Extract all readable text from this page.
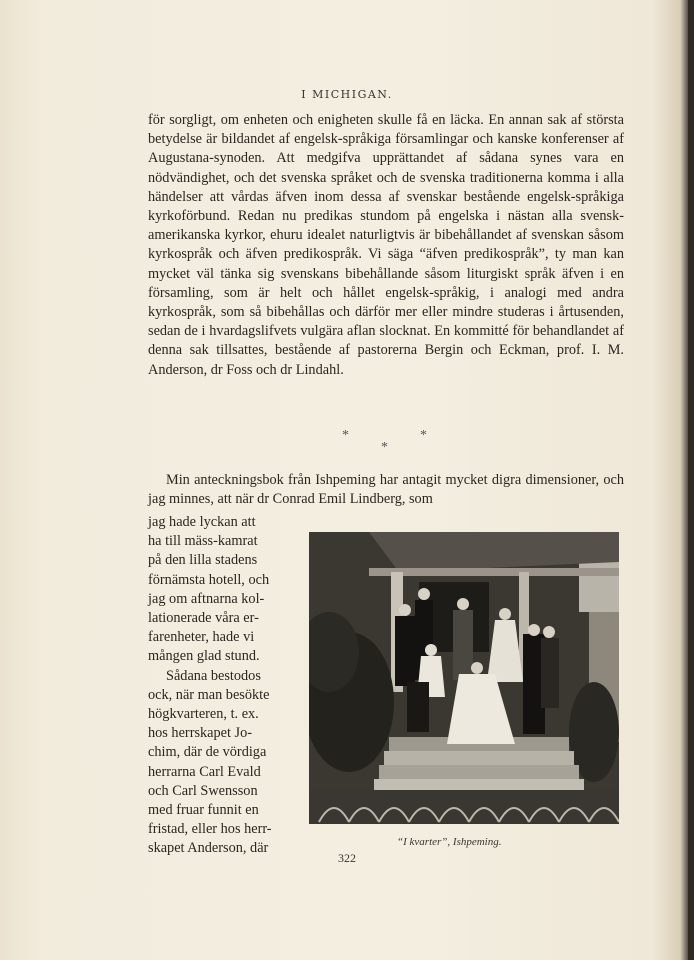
I MICHIGAN.

för sorgligt, om enheten och enigheten skulle få en läcka. En annan sak af största betydelse är bildandet af engelsk-språkiga församlingar och kanske konferenser af Augustana-synoden. Att medgifva upprättandet af sådana synes vara en nödvändighet, och det svenska språket och de svenska traditionerna komma i alla händelser att vårdas äfven inom dessa af svenskar bestående engelsk-språkiga kyrkoförbund. Redan nu predikas stundom på engelska i nästan alla svensk-amerikanska kyrkor, ehuru idealet naturligtvis är bibehållandet af svenskan såsom kyrkospråk och äfven predikospråk. Vi säga “äfven predikospråk”, ty man kan mycket väl tänka sig svenskans bibehållande såsom liturgiskt språk äfven i en församling, som är helt och hållet engelsk-språkig, i analogi med andra kyrkospråk, som så bibehållas och därför mer eller mindre studeras i årtusenden, sedan de i hvardagslifvets vulgära aflan slocknat. En kommitté för behandlandet af denna sak tillsattes, bestående af pastorerna Bergin och Eckman, prof. I. M. Anderson, dr Foss och dr Lindahl.

*	*
*
Min anteckningsbok från Ishpeming har antagit mycket digra dimensioner, och jag minnes, att när dr Conrad Emil Lindberg, som
jag hade lyckan att
ha till mäss-kamrat
på den lilla stadens
förnämsta hotell, och
jag om aftnarna kol-
lationerade våra er-
farenheter, hade vi
mången glad stund.
Sådana bestodos
ock, när man besökte
högkvarteren, t. ex.
hos herrskapet Jo-
chim, där de vördiga
herrarna Carl Evald
och Carl Swensson
med fruar funnit en
fristad, eller hos herr-
skapet Anderson, där	“I kvarter”, Ishpeming.
322
